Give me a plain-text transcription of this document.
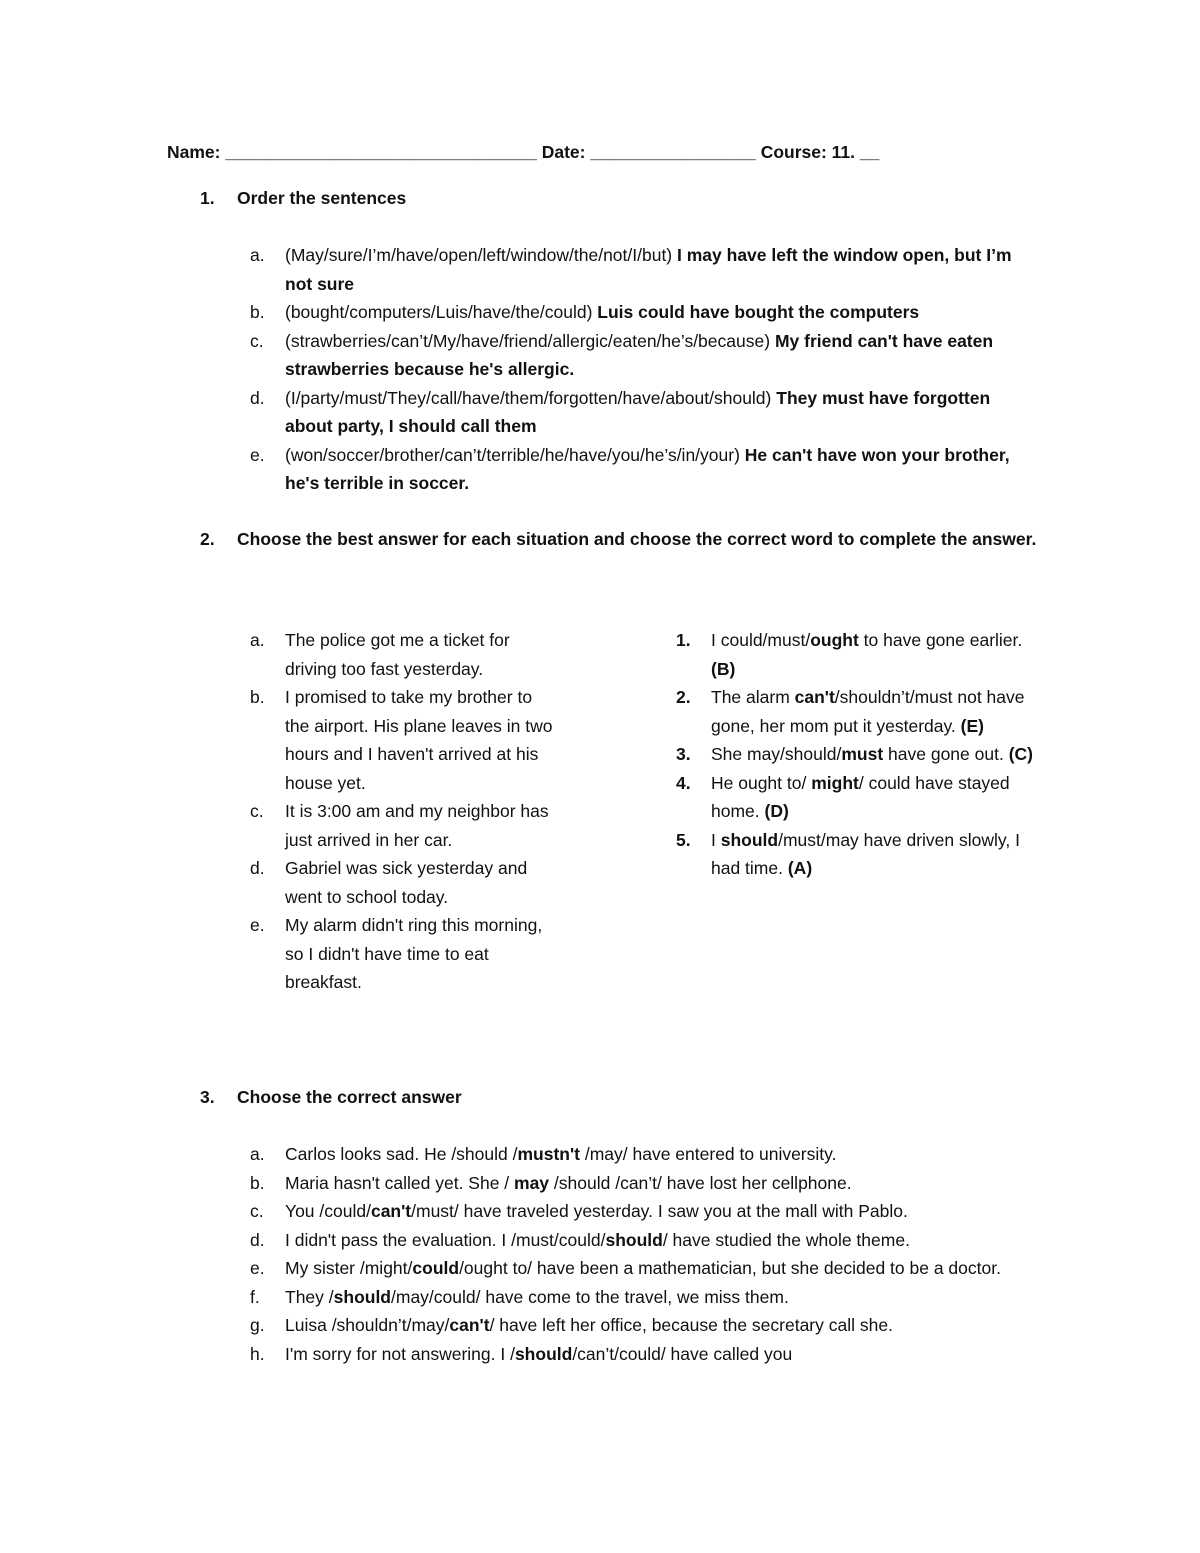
Name: ________________________________ Date: _________________ Course: 11. __
1. Order the sentences
a. (May/sure/I’m/have/open/left/window/the/not/I/but) I may have left the window open, but I’m not sure
b. (bought/computers/Luis/have/the/could) Luis could have bought the computers
c. (strawberries/can’t/My/have/friend/allergic/eaten/he’s/because) My friend can't have eaten strawberries because he's allergic.
d. (I/party/must/They/call/have/them/forgotten/have/about/should) They must have forgotten about party, I should call them
e. (won/soccer/brother/can’t/terrible/he/have/you/he’s/in/your) He can't have won your brother, he's terrible in soccer.
2. Choose the best answer for each situation and choose the correct word to complete the answer.
a. The police got me a ticket for driving too fast yesterday.
b. I promised to take my brother to the airport. His plane leaves in two hours and I haven't arrived at his house yet.
c. It is 3:00 am and my neighbor has just arrived in her car.
d. Gabriel was sick yesterday and went to school today.
e. My alarm didn't ring this morning, so I didn't have time to eat breakfast.
1. I could/must/ought to have gone earlier. (B)
2. The alarm can't/shouldn’t/must not have gone, her mom put it yesterday. (E)
3. She may/should/must have gone out. (C)
4. He ought to/ might/ could have stayed home. (D)
5. I should/must/may have driven slowly, I had time. (A)
3. Choose the correct answer
a. Carlos looks sad. He /should /mustn't /may/ have entered to university.
b. Maria hasn't called yet. She / may /should /can’t/ have lost her cellphone.
c. You /could/can't/must/ have traveled yesterday. I saw you at the mall with Pablo.
d. I didn't pass the evaluation. I /must/could/should/ have studied the whole theme.
e. My sister /might/could/ought to/ have been a mathematician, but she decided to be a doctor.
f. They /should/may/could/ have come to the travel, we miss them.
g. Luisa /shouldn’t/may/can't/ have left her office, because the secretary call she.
h. I'm sorry for not answering. I /should/can’t/could/ have called you
